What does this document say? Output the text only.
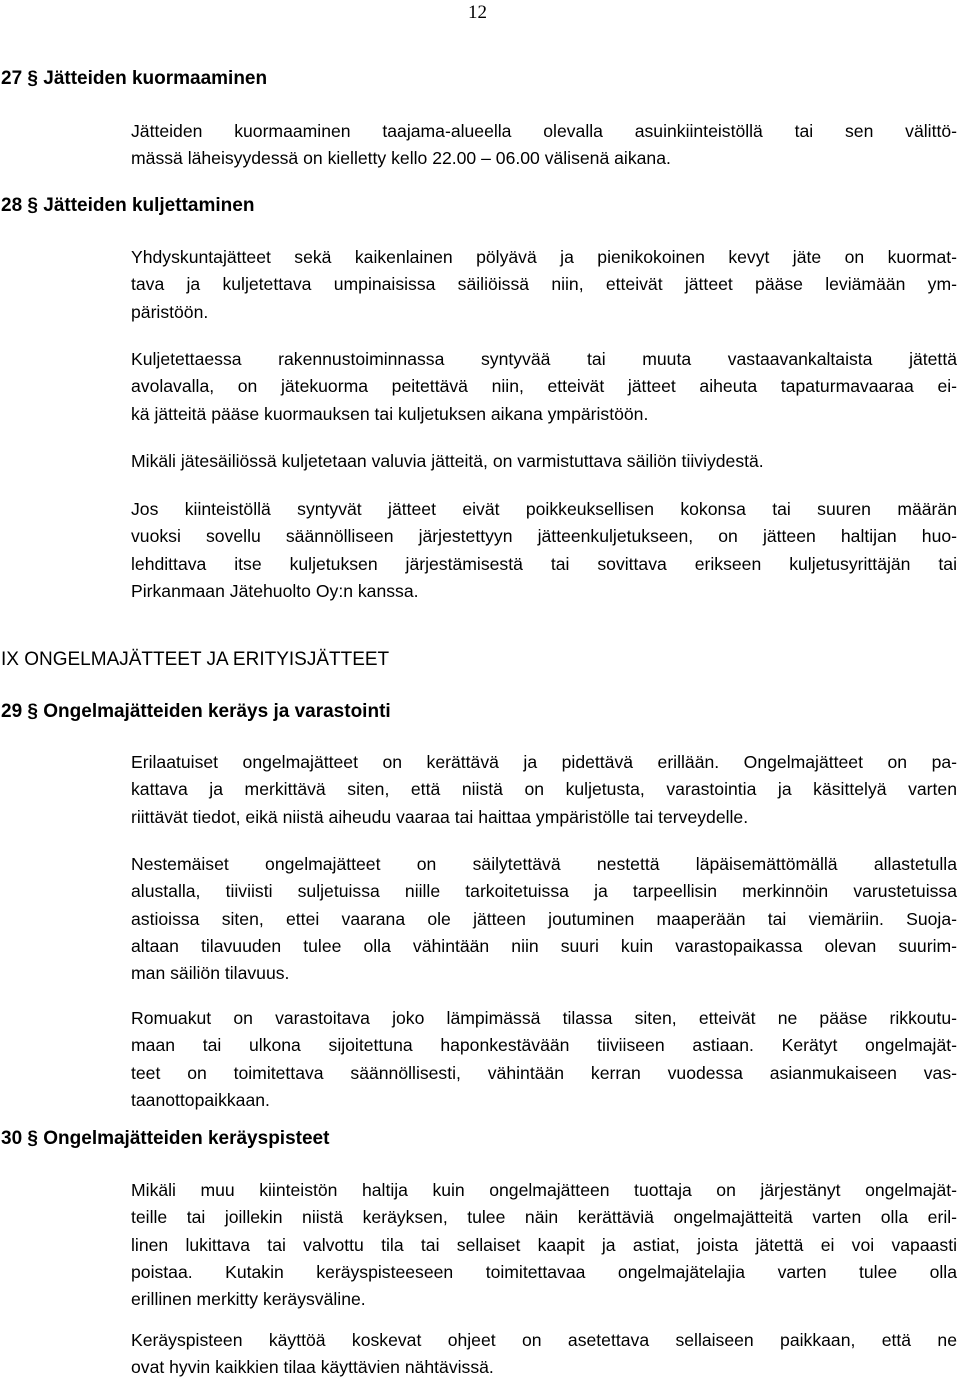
12
27 § Jätteiden kuormaaminen
Jätteiden kuormaaminen taajama-alueella olevalla asuinkiinteistöllä tai sen välittö-
mässä läheisyydessä on kielletty kello 22.00 – 06.00 välisenä aikana.
28 § Jätteiden kuljettaminen
Yhdyskuntajätteet sekä kaikenlainen pölyävä ja pienikokoinen kevyt jäte on kuormat-
tava ja kuljetettava umpinaisissa säiliöissä niin, etteivät jätteet pääse leviämään ym-
päristöön.
Kuljetettaessa rakennustoiminnassa syntyvää tai muuta vastaavankaltaista jätettä
avolavalla, on jätekuorma peitettävä niin, etteivät jätteet aiheuta tapaturmavaaraa ei-
kä jätteitä pääse kuormauksen tai kuljetuksen aikana ympäristöön.
Mikäli jätesäiliössä kuljetetaan valuvia jätteitä, on varmistuttava säiliön tiiviydestä.
Jos kiinteistöllä syntyvät jätteet eivät poikkeuksellisen kokonsa tai suuren määrän
vuoksi sovellu säännölliseen järjestettyyn jätteenkuljetukseen, on jätteen haltijan huo-
lehdittava itse kuljetuksen järjestämisestä tai sovittava erikseen kuljetusyrittäjän tai
Pirkanmaan Jätehuolto Oy:n kanssa.
IX ONGELMAJÄTTEET JA ERITYISJÄTTEET
29 § Ongelmajätteiden keräys ja varastointi
Erilaatuiset ongelmajätteet on kerättävä ja pidettävä erillään. Ongelmajätteet on pa-
kattava ja merkittävä siten, että niistä on kuljetusta, varastointia ja käsittelyä varten
riittävät tiedot, eikä niistä aiheudu vaaraa tai haittaa ympäristölle tai terveydelle.
Nestemäiset ongelmajätteet on säilytettävä nestettä läpäisemättömällä allastetulla
alustalla, tiiviisti suljetuissa niille tarkoitetuissa ja tarpeellisin merkinnöin varustetuissa
astioissa siten, ettei vaarana ole jätteen joutuminen maaperään tai viemäriin. Suoja-
altaan tilavuuden tulee olla vähintään niin suuri kuin varastopaikassa olevan suurim-
man säiliön tilavuus.
Romuakut on varastoitava joko lämpimässä tilassa siten, etteivät ne pääse rikkoutu-
maan tai ulkona sijoitettuna haponkestävään tiiviiseen astiaan. Kerätyt ongelmajät-
teet on toimitettava säännöllisesti, vähintään kerran vuodessa asianmukaiseen vas-
taanottopaikkaan.
30 § Ongelmajätteiden keräyspisteet
Mikäli muu kiinteistön haltija kuin ongelmajätteen tuottaja on järjestänyt ongelmajät-
teille tai joillekin niistä keräyksen, tulee näin kerättäviä ongelmajätteitä varten olla eril-
linen lukittava tai valvottu tila tai sellaiset kaapit ja astiat, joista jätettä ei voi vapaasti
poistaa. Kutakin keräyspisteeseen toimitettavaa ongelmajätelajia varten tulee olla
erillinen merkitty keräysväline.
Keräyspisteen käyttöä koskevat ohjeet on asetettava sellaiseen paikkaan, että ne
ovat hyvin kaikkien tilaa käyttävien nähtävissä.
